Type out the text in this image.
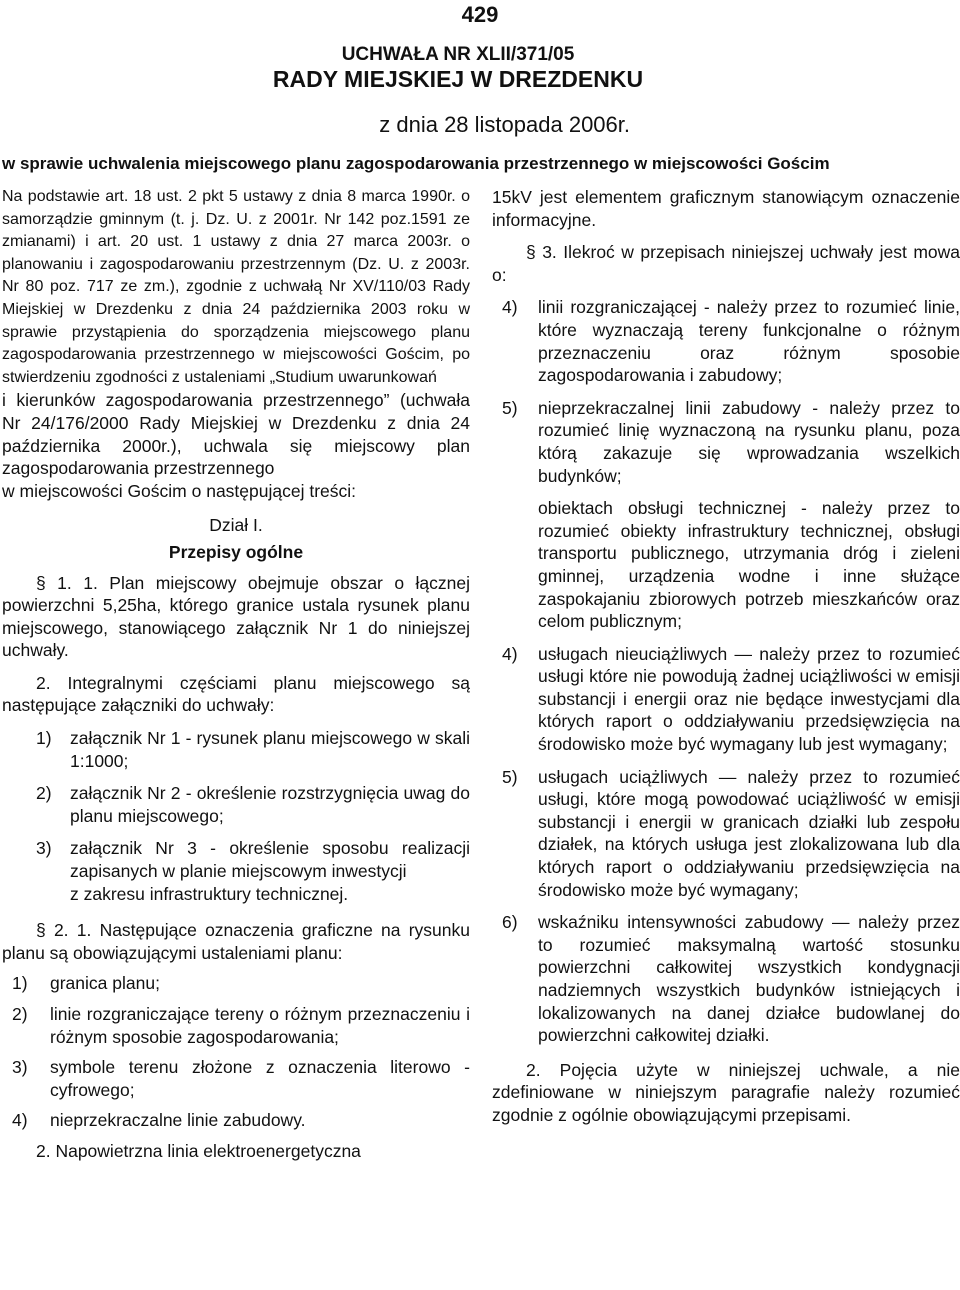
429
UCHWAŁA NR XLII/371/05
RADY MIEJSKIEJ W DREZDENKU
z dnia 28 listopada 2006r.
w sprawie uchwalenia miejscowego planu zagospodarowania przestrzennego w miejscowości Gościm

Na podstawie art. 18 ust. 2 pkt 5 ustawy z dnia 8 marca 1990r. o samorządzie gminnym (t. j. Dz. U. z 2001r. Nr 142 poz.1591 ze zmianami) i art. 20 ust. 1 ustawy z dnia 27 marca 2003r. o planowaniu i zagospodarowaniu przestrzennym (Dz. U. z 2003r. Nr 80 poz. 717 ze zm.), zgodnie z uchwałą Nr XV/110/03 Rady Miejskiej w Drezdenku z dnia 24 października 2003 roku w sprawie przystąpienia do sporządzenia miejscowego planu zagospodarowania przestrzennego w miejscowości Gościm, po stwierdzeniu zgodności z ustaleniami „Studium uwarunkowań

i kierunków zagospodarowania przestrzennego” (uchwała Nr 24/176/2000 Rady Miejskiej w Drezdenku z dnia 24 października 2000r.), uchwala się miejscowy plan zagospodarowania przestrzennego

w miejscowości Gościm o następującej treści:

Dział I.

Przepisy ogólne

§ 1. 1. Plan miejscowy obejmuje obszar o łącznej powierzchni 5,25ha, którego granice ustala rysunek planu miejscowego, stanowiącego załącznik Nr 1 do niniejszej uchwały.

2. Integralnymi częściami planu miejscowego są następujące załączniki do uchwały:

1) załącznik Nr 1 - rysunek planu miejscowego w skali 1:1000;
2) załącznik Nr 2 - określenie rozstrzygnięcia uwag do planu miejscowego;
3) załącznik Nr 3 - określenie sposobu realizacji zapisanych w planie miejscowym inwestycji
z zakresu infrastruktury technicznej.

§ 2. 1. Następujące oznaczenia graficzne na rysunku planu są obowiązującymi ustaleniami planu:

1) granica planu;
2) linie rozgraniczające tereny o różnym przeznaczeniu i różnym sposobie zagospodarowania;
3) symbole terenu złożone z oznaczenia literowo - cyfrowego;
4) nieprzekraczalne linie zabudowy.

2. Napowietrzna linia elektroenergetyczna

15kV jest elementem graficznym stanowiącym oznaczenie informacyjne.

§ 3. Ilekroć w przepisach niniejszej uchwały jest mowa o:

4) linii rozgraniczającej - należy przez to rozumieć linie, które wyznaczają tereny funkcjonalne o różnym przeznaczeniu oraz różnym sposobie zagospodarowania i zabudowy;
5) nieprzekraczalnej linii zabudowy - należy przez to rozumieć linię wyznaczoną na rysunku planu, poza którą zakazuje się wprowadzania wszelkich budynków;
obiektach obsługi technicznej - należy przez to rozumieć obiekty infrastruktury technicznej, obsługi transportu publicznego, utrzymania dróg i zieleni gminnej, urządzenia wodne i inne służące zaspokajaniu zbiorowych potrzeb mieszkańców oraz celom publicznym;
4) usługach nieuciążliwych — należy przez to rozumieć usługi które nie powodują żadnej uciążliwości w emisji substancji i energii oraz nie będące inwestycjami dla których raport o oddziaływaniu przedsięwzięcia na środowisko może być wymagany lub jest wymagany;
5) usługach uciążliwych — należy przez to rozumieć usługi, które mogą powodować uciążliwość w emisji substancji i energii w granicach działki lub zespołu działek, na których usługa jest zlokalizowana lub dla których raport o oddziaływaniu przedsięwzięcia na środowisko może być wymagany;
6) wskaźniku intensywności zabudowy — należy przez to rozumieć maksymalną wartość stosunku powierzchni całkowitej wszystkich kondygnacji nadziemnych wszystkich budynków istniejących i lokalizowanych na danej działce budowlanej do powierzchni całkowitej działki.

2. Pojęcia użyte w niniejszej uchwale, a nie zdefiniowane w niniejszym paragrafie należy rozumieć zgodnie z ogólnie obowiązującymi przepisami.
